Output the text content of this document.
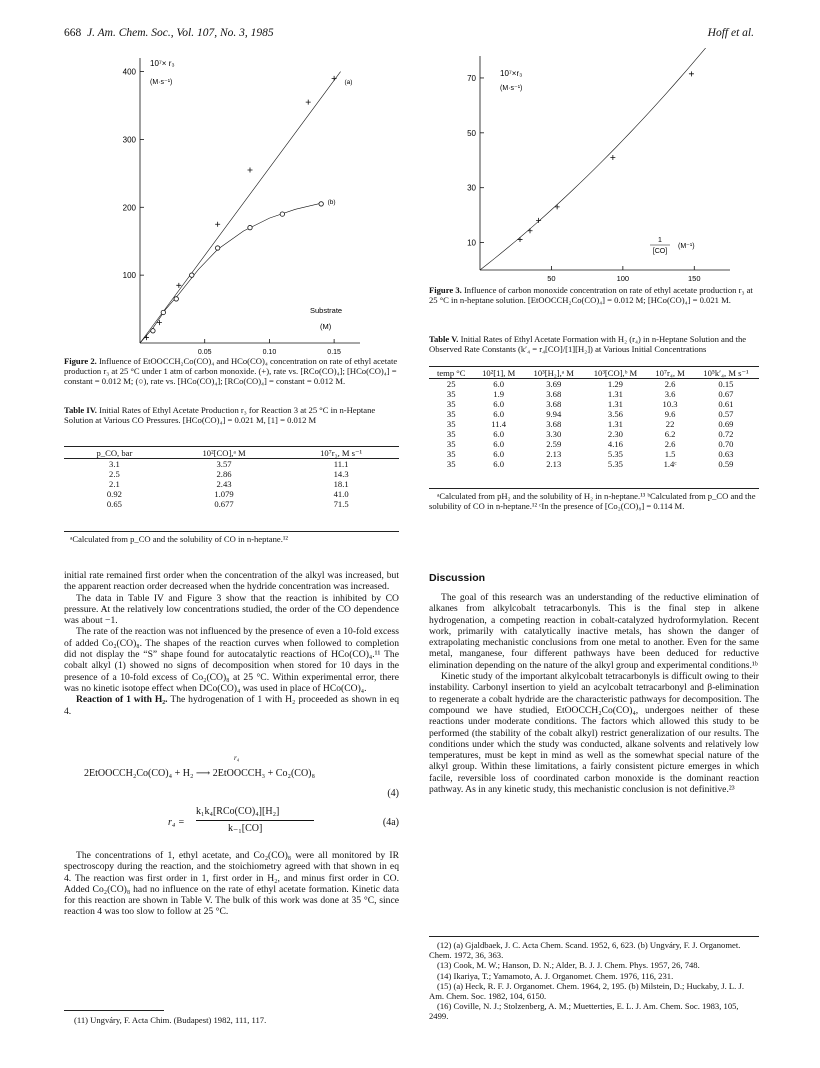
668 J. Am. Chem. Soc., Vol. 107, No. 3, 1985	Hoff et al.
100
200
300
400
0.05	0.10	0.15
10⁷× r₃
(M·s⁻¹)
Substrate
(M)
(a)
(b)
Figure 2. Influence of EtOOCCH₂Co(CO)₄ and HCo(CO)₄ concentration on rate of ethyl acetate production r₃ at 25 °C under 1 atm of carbon monoxide. (+), rate vs. [RCo(CO)₄]; [HCo(CO)₄] = constant = 0.012 M; (○), rate vs. [HCo(CO)₄]; [RCo(CO)₄] = constant = 0.012 M.
Table IV. Initial Rates of Ethyl Acetate Production r₃ for Reaction 3 at 25 °C in n-Heptane Solution at Various CO Pressures. [HCo(CO)₄] = 0.021 M, [1] = 0.012 M
p_CO, bar	10²[CO],ᵃ M	10⁷r₃, M s⁻¹
3.1	3.57	11.1
2.5	2.86	14.3
2.1	2.43	18.1
0.92	1.079	41.0
0.65	0.677	71.5
ᵃCalculated from p_CO and the solubility of CO in n-heptane.¹²
initial rate remained first order when the concentration of the alkyl was increased, but the apparent reaction order decreased when the hydride concentration was increased.
The data in Table IV and Figure 3 show that the reaction is inhibited by CO pressure. At the relatively low concentrations studied, the order of the CO dependence was about −1.
The rate of the reaction was not influenced by the presence of even a 10-fold excess of added Co₂(CO)₈. The shapes of the reaction curves when followed to completion did not display the “S” shape found for autocatalytic reactions of HCo(CO)₄.¹¹ The cobalt alkyl (1) showed no signs of decomposition when stored for 10 days in the presence of a 10-fold excess of Co₂(CO)₈ at 25 °C. Within experimental error, there was no kinetic isotope effect when DCo(CO)₄ was used in place of HCo(CO)₄.
Reaction of 1 with H₂. The hydrogenation of 1 with H₂ proceeded as shown in eq 4.
r₄
2EtOOCCH₂Co(CO)₄ + H₂ ⟶ 2EtOOCCH₃ + Co₂(CO)₈
(4)
r₄ =
k₁k₄[RCo(CO)₄][H₂]
k₋₁[CO]
(4a)
The concentrations of 1, ethyl acetate, and Co₂(CO)₈ were all monitored by IR spectroscopy during the reaction, and the stoichiometry agreed with that shown in eq 4. The reaction was first order in 1, first order in H₂, and minus first order in CO. Added Co₂(CO)₈ had no influence on the rate of ethyl acetate formation. Kinetic data for this reaction are shown in Table V. The bulk of this work was done at 35 °C, since reaction 4 was too slow to follow at 25 °C.
(11) Ungváry, F. Acta Chim. (Budapest) 1982, 111, 117.
10
30
50
70
50	100	150
10⁷×r₃
(M·s⁻¹)
1
[CO]
(M⁻¹)
Figure 3. Influence of carbon monoxide concentration on rate of ethyl acetate production r₃ at 25 °C in n-heptane solution. [EtOOCCH₂Co(CO)₄] = 0.012 M; [HCo(CO)₄] = 0.021 M.
Table V. Initial Rates of Ethyl Acetate Formation with H₂ (r₄) in n-Heptane Solution and the Observed Rate Constants (k′₄ = r₄[CO]/[1][H₂]) at Various Initial Concentrations
temp °C	10²[1], M	10³[H₂],ᵃ M	10³[CO],ᵇ M	10⁷r₄, M	10⁵k′₄, M s⁻¹
25	6.0	3.69	1.29	2.6	0.15
35	1.9	3.68	1.31	3.6	0.67
35	6.0	3.68	1.31	10.3	0.61
35	6.0	9.94	3.56	9.6	0.57
35	11.4	3.68	1.31	22	0.69
35	6.0	3.30	2.30	6.2	0.72
35	6.0	2.59	4.16	2.6	0.70
35	6.0	2.13	5.35	1.5	0.63
35	6.0	2.13	5.35	1.4ᶜ	0.59
ᵃCalculated from pH₂ and the solubility of H₂ in n-heptane.¹³ ᵇCalculated from p_CO and the solubility of CO in n-heptane.¹² ᶜIn the presence of [Co₂(CO)₈] = 0.114 M.
Discussion
The goal of this research was an understanding of the reductive elimination of alkanes from alkylcobalt tetracarbonyls. This is the final step in alkene hydrogenation, a competing reaction in cobalt-catalyzed hydroformylation. Recent work, primarily with catalytically inactive metals, has shown the danger of extrapolating mechanistic conclusions from one metal to another. Even for the same metal, manganese, four different pathways have been deduced for reductive elimination depending on the nature of the alkyl group and experimental conditions.¹ᵇ
Kinetic study of the important alkylcobalt tetracarbonyls is difficult owing to their instability. Carbonyl insertion to yield an acylcobalt tetracarbonyl and β-elimination to regenerate a cobalt hydride are the characteristic pathways for decomposition. The compound we have studied, EtOOCCH₂Co(CO)₄, undergoes neither of these reactions under moderate conditions. The factors which allowed this study to be performed (the stability of the cobalt alkyl) restrict generalization of our results. The conditions under which the study was conducted, alkane solvents and relatively low temperatures, must be kept in mind as well as the somewhat special nature of the alkyl group. Within these limitations, a fairly consistent picture emerges in which facile, reversible loss of coordinated carbon monoxide is the dominant reaction pathway. As in any kinetic study, this mechanistic conclusion is not definitive.²³
(12) (a) Gjaldbaek, J. C. Acta Chem. Scand. 1952, 6, 623. (b) Ungváry, F. J. Organomet. Chem. 1972, 36, 363.
(13) Cook, M. W.; Hanson, D. N.; Alder, B. J. J. Chem. Phys. 1957, 26, 748.
(14) Ikariya, T.; Yamamoto, A. J. Organomet. Chem. 1976, 116, 231.
(15) (a) Heck, R. F. J. Organomet. Chem. 1964, 2, 195. (b) Milstein, D.; Huckaby, J. L. J. Am. Chem. Soc. 1982, 104, 6150.
(16) Coville, N. J.; Stolzenberg, A. M.; Muetterties, E. L. J. Am. Chem. Soc. 1983, 105, 2499.
